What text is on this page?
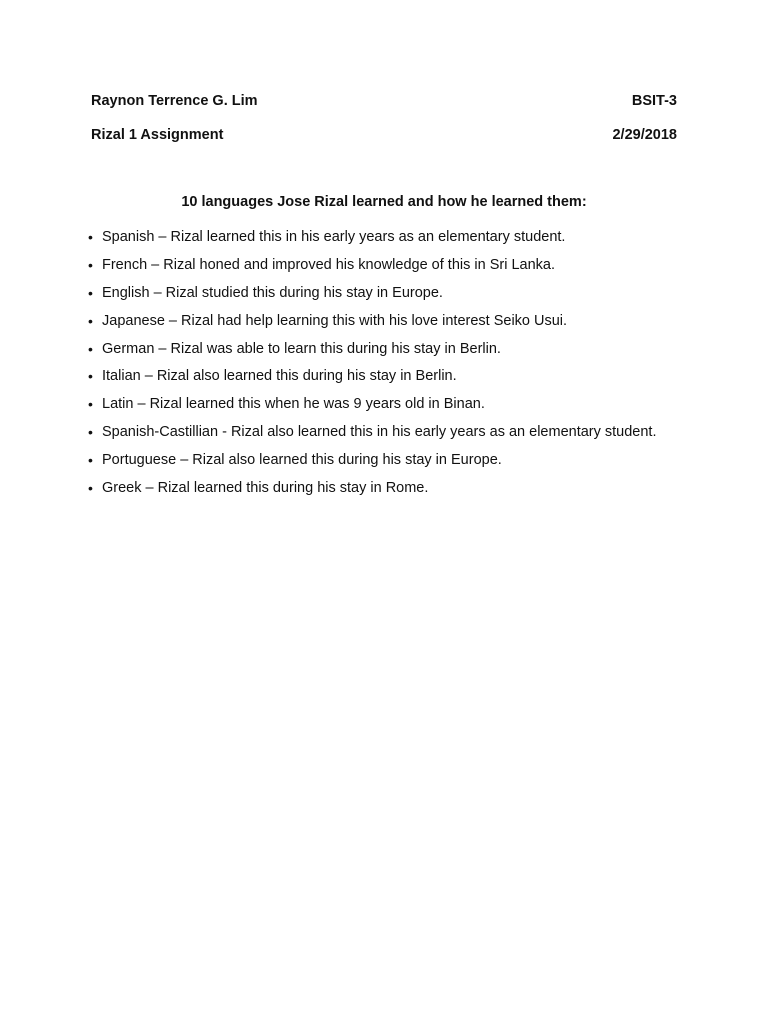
Raynon Terrence G. Lim	BSIT-3
Rizal 1 Assignment	2/29/2018
10 languages Jose Rizal learned and how he learned them:
• Spanish – Rizal learned this in his early years as an elementary student.
• French – Rizal honed and improved his knowledge of this in Sri Lanka.
• English – Rizal studied this during his stay in Europe.
• Japanese – Rizal had help learning this with his love interest Seiko Usui.
• German – Rizal was able to learn this during his stay in Berlin.
• Italian – Rizal also learned this during his stay in Berlin.
• Latin – Rizal learned this when he was 9 years old in Binan.
• Spanish-Castillian - Rizal also learned this in his early years as an elementary student.
• Portuguese – Rizal also learned this during his stay in Europe.
• Greek – Rizal learned this during his stay in Rome.
